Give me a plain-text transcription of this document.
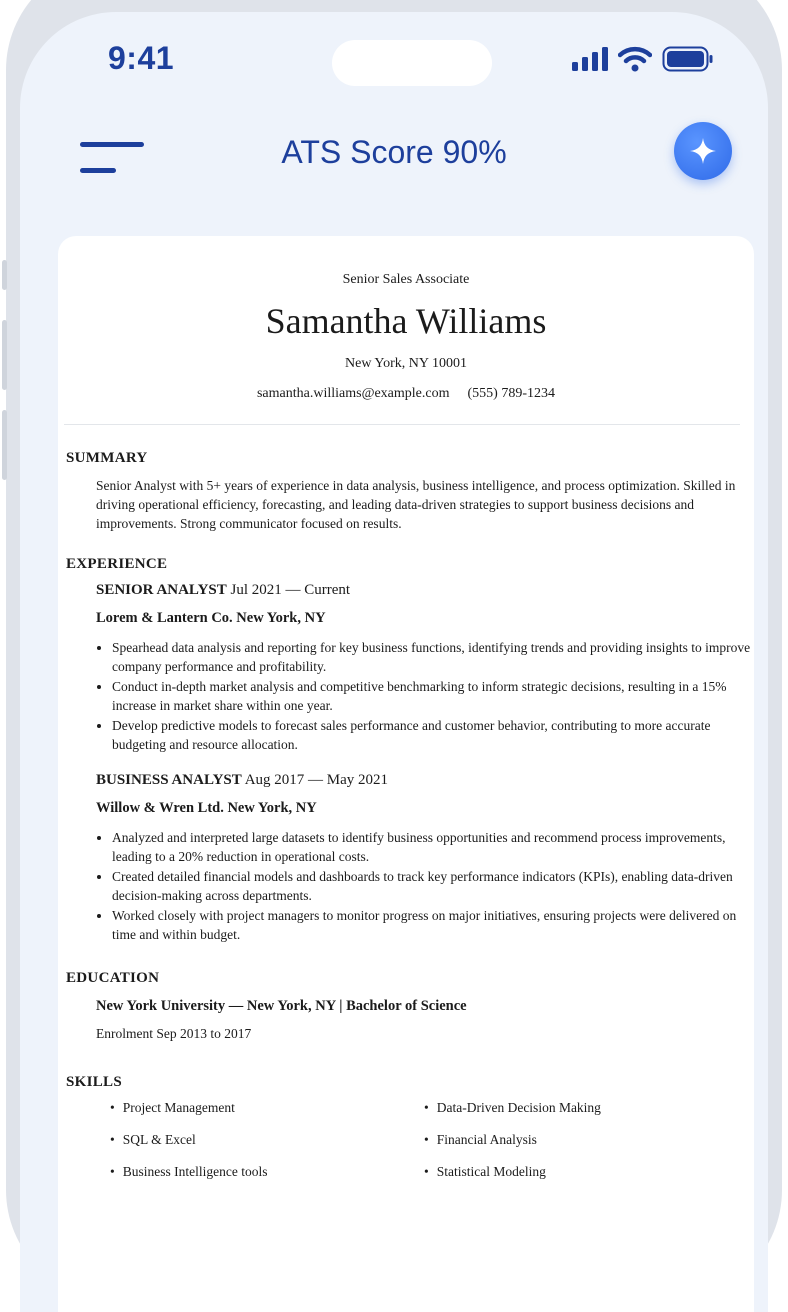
9:41
ATS Score 90%
Senior Sales Associate
Samantha Williams
New York, NY 10001
samantha.williams@example.com (555) 789-1234
SUMMARY
Senior Analyst with 5+ years of experience in data analysis, business intelligence, and process optimization. Skilled in driving operational efficiency, forecasting, and leading data-driven strategies to support business decisions and improvements. Strong communicator focused on results.
EXPERIENCE
SENIOR ANALYST Jul 2021 — Current
Lorem & Lantern Co. New York, NY
• Spearhead data analysis and reporting for key business functions, identifying trends and providing insights to improve company performance and profitability.
• Conduct in-depth market analysis and competitive benchmarking to inform strategic decisions, resulting in a 15% increase in market share within one year.
• Develop predictive models to forecast sales performance and customer behavior, contributing to more accurate budgeting and resource allocation.
BUSINESS ANALYST Aug 2017 — May 2021
Willow & Wren Ltd. New York, NY
• Analyzed and interpreted large datasets to identify business opportunities and recommend process improvements, leading to a 20% reduction in operational costs.
• Created detailed financial models and dashboards to track key performance indicators (KPIs), enabling data-driven decision-making across departments.
• Worked closely with project managers to monitor progress on major initiatives, ensuring projects were delivered on time and within budget.
EDUCATION
New York University — New York, NY | Bachelor of Science
Enrolment Sep 2013 to 2017
SKILLS
• Project Management	• Data-Driven Decision Making
• SQL & Excel	• Financial Analysis
• Business Intelligence tools	• Statistical Modeling
